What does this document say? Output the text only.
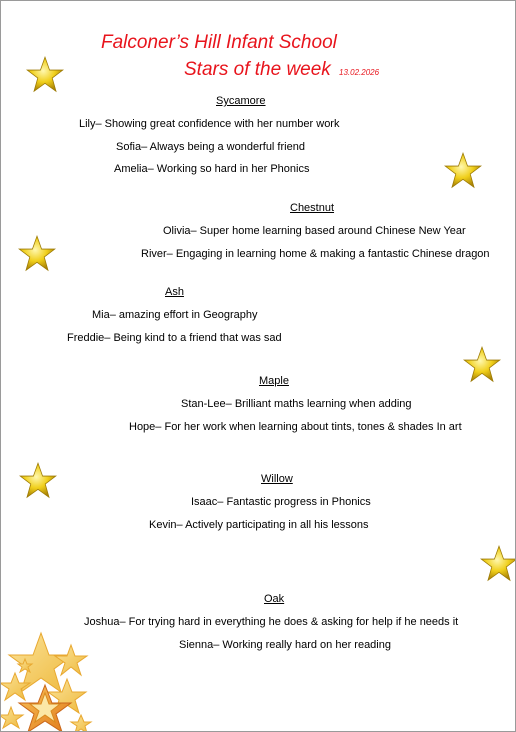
Falconer’s Hill Infant School
Stars of the week 13.02.2026
Sycamore
Lily– Showing great confidence with her number work
Sofia– Always being a wonderful friend
Amelia– Working so hard in her Phonics
Chestnut
Olivia– Super home learning based around Chinese New Year
River– Engaging in learning home & making a fantastic Chinese dragon
Ash
Mia– amazing effort in Geography
Freddie– Being kind to a friend that was sad
Maple
Stan-Lee– Brilliant maths learning when adding
Hope– For her work when learning about tints, tones & shades In art
Willow
Isaac– Fantastic progress in Phonics
Kevin– Actively participating in all his lessons
Oak
Joshua– For trying hard in everything he does & asking for help if he needs it
Sienna– Working really hard on her reading
